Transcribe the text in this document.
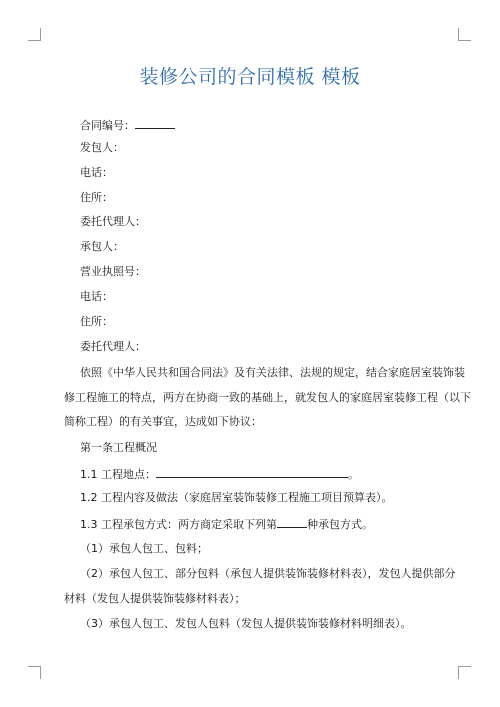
装修公司的合同模板 模板
合同编号：
发包人：
电话：
住所：
委托代理人：
承包人：
营业执照号：
电话：
住所：
委托代理人：
依照《中华人民共和国合同法》及有关法律、法规的规定，结合家庭居室装饰装
修工程施工的特点，两方在协商一致的基础上，就发包人的家庭居室装修工程（以下
简称工程）的有关事宜，达成如下协议：
第一条工程概况
1.1 工程地点：	。
1.2 工程内容及做法（家庭居室装饰装修工程施工项目预算表）。
1.3 工程承包方式：两方商定采取下列第	种承包方式。
（1）承包人包工、包料；
（2）承包人包工、部分包料（承包人提供装饰装修材料表），发包人提供部分
材料（发包人提供装饰装修材料表）；
（3）承包人包工、发包人包料（发包人提供装饰装修材料明细表）。
